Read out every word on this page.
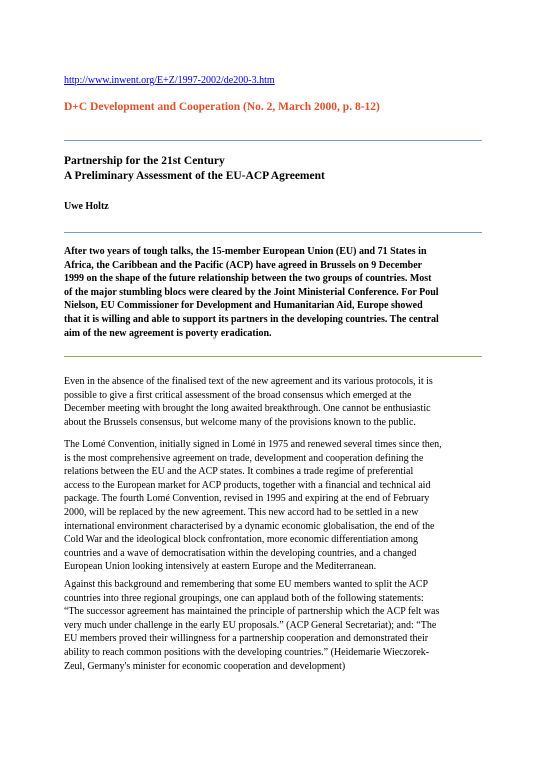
http://www.inwent.org/E+Z/1997-2002/de200-3.htm
D+C Development and Cooperation (No. 2, March 2000, p. 8-12)
Partnership for the 21st Century
A Preliminary Assessment of the EU-ACP Agreement
Uwe Holtz
After two years of tough talks, the 15-member European Union (EU) and 71 States in
Africa, the Caribbean and the Pacific (ACP) have agreed in Brussels on 9 December
1999 on the shape of the future relationship between the two groups of countries. Most
of the major stumbling blocs were cleared by the Joint Ministerial Conference. For Poul
Nielson, EU Commissioner for Development and Humanitarian Aid, Europe showed
that it is willing and able to support its partners in the developing countries. The central
aim of the new agreement is poverty eradication.
Even in the absence of the finalised text of the new agreement and its various protocols, it is
possible to give a first critical assessment of the broad consensus which emerged at the
December meeting with brought the long awaited breakthrough. One cannot be enthusiastic
about the Brussels consensus, but welcome many of the provisions known to the public.
The Lomé Convention, initially signed in Lomé in 1975 and renewed several times since then,
is the most comprehensive agreement on trade, development and cooperation defining the
relations between the EU and the ACP states. It combines a trade regime of preferential
access to the European market for ACP products, together with a financial and technical aid
package. The fourth Lomé Convention, revised in 1995 and expiring at the end of February
2000, will be replaced by the new agreement. This new accord had to be settled in a new
international environment characterised by a dynamic economic globalisation, the end of the
Cold War and the ideological block confrontation, more economic differentiation among
countries and a wave of democratisation within the developing countries, and a changed
European Union looking intensively at eastern Europe and the Mediterranean.
Against this background and remembering that some EU members wanted to split the ACP
countries into three regional groupings, one can applaud both of the following statements:
“The successor agreement has maintained the principle of partnership which the ACP felt was
very much under challenge in the early EU proposals.” (ACP General Secretariat); and: “The
EU members proved their willingness for a partnership cooperation and demonstrated their
ability to reach common positions with the developing countries.” (Heidemarie Wieczorek-
Zeul, Germany's minister for economic cooperation and development)
